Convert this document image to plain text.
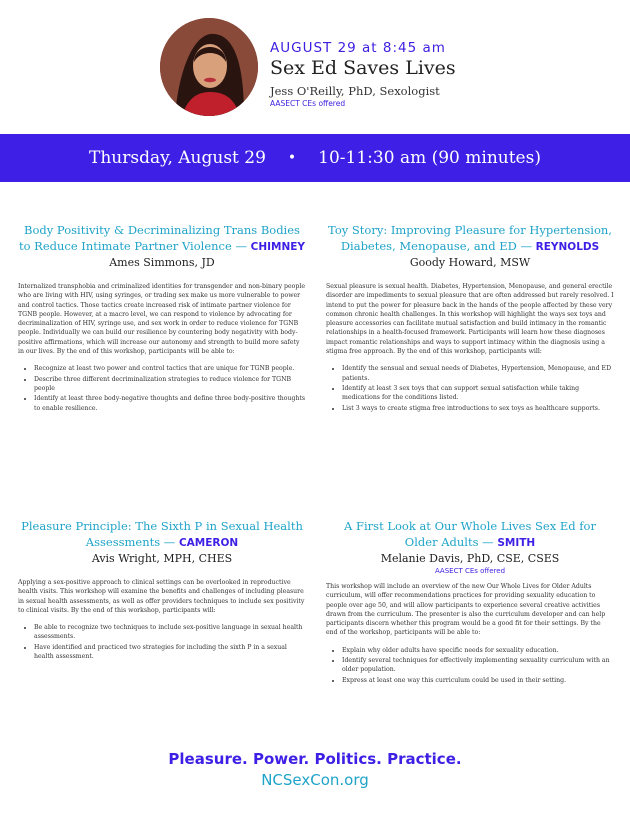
AUGUST 29 at 8:45 am
Sex Ed Saves Lives
Jess O'Reilly, PhD, Sexologist
AASECT CEs offered
Thursday, August 29 • 10-11:30 am (90 minutes)
Body Positivity & Decriminalizing Trans Bodies to Reduce Intimate Partner Violence — CHIMNEY
Ames Simmons, JD
Internalized transphobia and criminalized identities for transgender and non-binary people who are living with HIV, using syringes, or trading sex make us more vulnerable to power and control tactics. Those tactics create increased risk of intimate partner violence for TGNB people. However, at a macro level, we can respond to violence by advocating for decriminalization of HIV, syringe use, and sex work in order to reduce violence for TGNB people. Individually we can build our resilience by countering body negativity with body-positive affirmations, which will increase our autonomy and strength to build more safety in our lives. By the end of this workshop, participants will be able to:
• Recognize at least two power and control tactics that are unique for TGNB people.
• Describe three different decriminalization strategies to reduce violence for TGNB people
• Identify at least three body-negative thoughts and define three body-positive thoughts to enable resilience.
Toy Story: Improving Pleasure for Hypertension, Diabetes, Menopause, and ED — REYNOLDS
Goody Howard, MSW
Sexual pleasure is sexual health. Diabetes, Hypertension, Menopause, and general erectile disorder are impediments to sexual pleasure that are often addressed but rarely resolved. I intend to put the power for pleasure back in the hands of the people affected by these very common chronic health challenges. In this workshop will highlight the ways sex toys and pleasure accessories can facilitate mutual satisfaction and build intimacy in the romantic relationships in a health-focused framework. Participants will learn how these diagnoses impact romantic relationships and ways to support intimacy within the diagnosis using a stigma free approach. By the end of this workshop, participants will:
• Identify the sensual and sexual needs of Diabetes, Hypertension, Menopause, and ED patients.
• Identify at least 3 sex toys that can support sexual satisfaction while taking medications for the conditions listed.
• List 3 ways to create stigma free introductions to sex toys as healthcare supports.
Pleasure Principle: The Sixth P in Sexual Health Assessments — CAMERON
Avis Wright, MPH, CHES
Applying a sex-positive approach to clinical settings can be overlooked in reproductive health visits. This workshop will examine the benefits and challenges of including pleasure in sexual health assessments, as well as offer providers techniques to include sex positivity to clinical visits. By the end of this workshop, participants will:
• Be able to recognize two techniques to include sex-positive language in sexual health assessments.
• Have identified and practiced two strategies for including the sixth P in a sexual health assessment.
A First Look at Our Whole Lives Sex Ed for Older Adults — SMITH
Melanie Davis, PhD, CSE, CSES
AASECT CEs offered
This workshop will include an overview of the new Our Whole Lives for Older Adults curriculum, will offer recommendations practices for providing sexuality education to people over age 50, and will allow participants to experience several creative activities drawn from the curriculum. The presenter is also the curriculum developer and can help participants discern whether this program would be a good fit for their settings. By the end of the workshop, participants will be able to:
• Explain why older adults have specific needs for sexuality education.
• Identify several techniques for effectively implementing sexuality curriculum with an older population.
• Express at least one way this curriculum could be used in their setting.
Pleasure. Power. Politics. Practice.
NCSexCon.org
